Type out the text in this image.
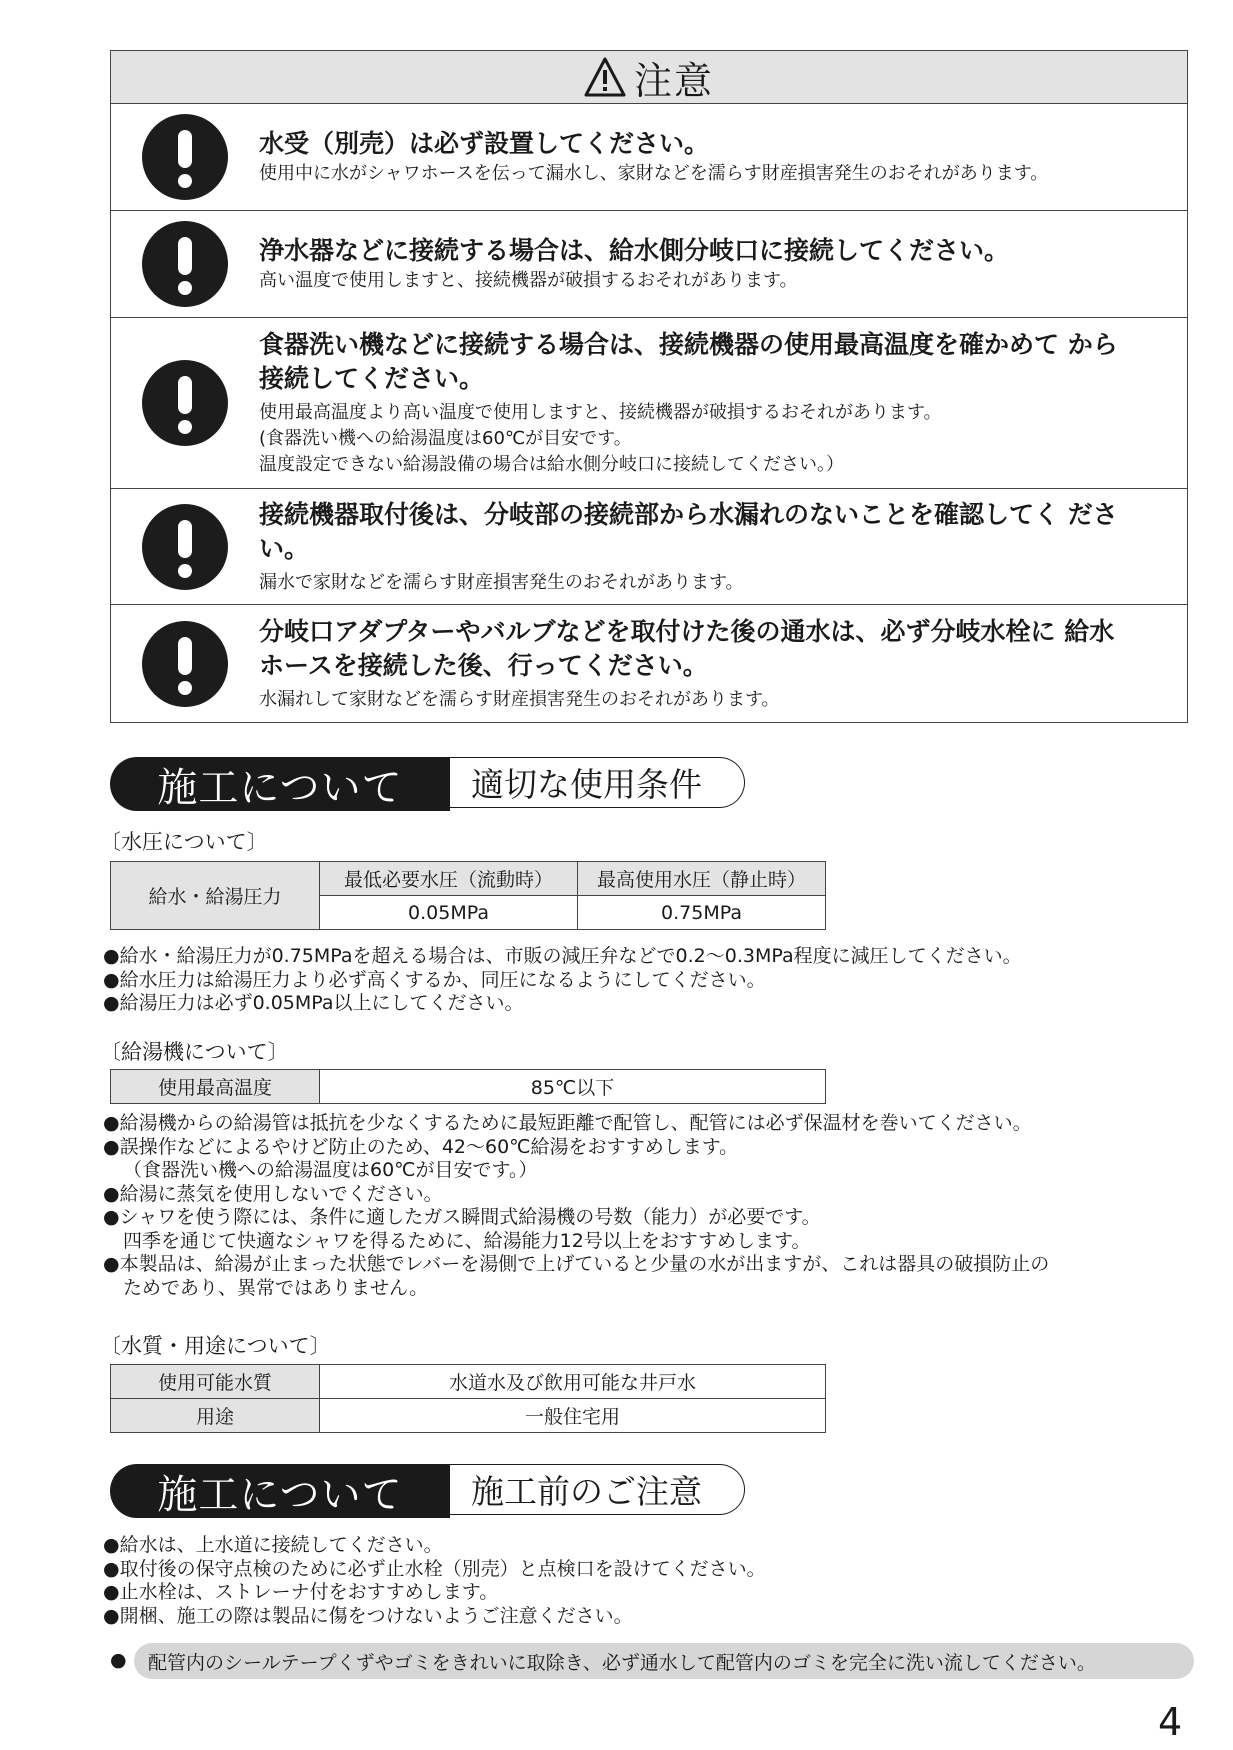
注意
水受（別売）は必ず設置してください。
使用中に水がシャワホースを伝って漏水し、家財などを濡らす財産損害発生のおそれがあります。
浄水器などに接続する場合は、給水側分岐口に接続してください。
高い温度で使用しますと、接続機器が破損するおそれがあります。
食器洗い機などに接続する場合は、接続機器の使用最高温度を確かめて から接続してください。
使用最高温度より高い温度で使用しますと、接続機器が破損するおそれがあります。
(食器洗い機への給湯温度は60℃が目安です。
温度設定できない給湯設備の場合は給水側分岐口に接続してください。）
接続機器取付後は、分岐部の接続部から水漏れのないことを確認してく ださい。
漏水で家財などを濡らす財産損害発生のおそれがあります。
分岐口アダプターやバルブなどを取付けた後の通水は、必ず分岐水栓に 給水ホースを接続した後、行ってください。
水漏れして家財などを濡らす財産損害発生のおそれがあります。
施工について	適切な使用条件
〔水圧について〕
給水・給湯圧力	最低必要水圧（流動時）	最高使用水圧（静止時）
	0.05MPa	0.75MPa

●給水・給湯圧力が0.75MPaを超える場合は、市販の減圧弁などで0.2～0.3MPa程度に減圧してください。

●給水圧力は給湯圧力より必ず高くするか、同圧になるようにしてください。

●給湯圧力は必ず0.05MPa以上にしてください。

〔給湯機について〕
使用最高温度	85℃以下

●給湯機からの給湯管は抵抗を少なくするために最短距離で配管し、配管には必ず保温材を巻いてください。

●誤操作などによるやけど防止のため、42～60℃給湯をおすすめします。

（食器洗い機への給湯温度は60℃が目安です。）

●給湯に蒸気を使用しないでください。

●シャワを使う際には、条件に適したガス瞬間式給湯機の号数（能力）が必要です。

四季を通じて快適なシャワを得るために、給湯能力12号以上をおすすめします。

●本製品は、給湯が止まった状態でレバーを湯側で上げていると少量の水が出ますが、これは器具の破損防止の

ためであり、異常ではありません。

〔水質・用途について〕
使用可能水質	水道水及び飲用可能な井戸水
用途	一般住宅用
施工について	施工前のご注意

●給水は、上水道に接続してください。

●取付後の保守点検のために必ず止水栓（別売）と点検口を設けてください。

●止水栓は、ストレーナ付をおすすめします。

●開梱、施工の際は製品に傷をつけないようご注意ください。

●	配管内のシールテープくずやゴミをきれいに取除き、必ず通水して配管内のゴミを完全に洗い流してください。
4
